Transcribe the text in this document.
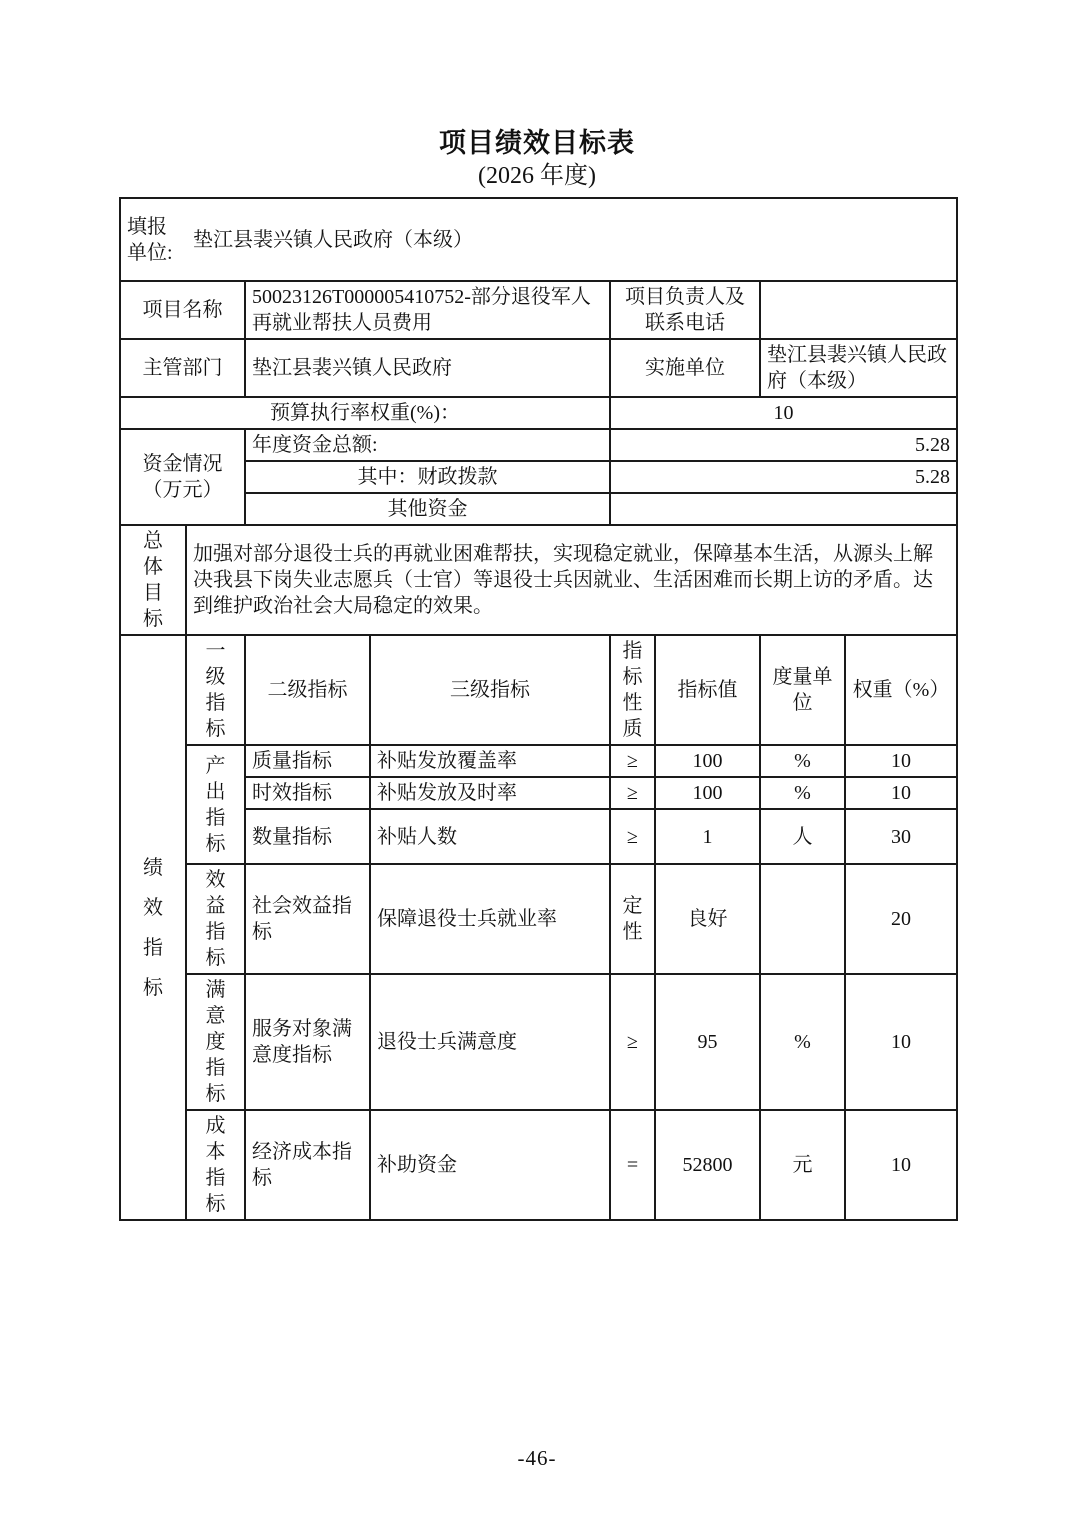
项目绩效目标表
(2026 年度)
填报单位:
垫江县裴兴镇人民政府（本级）							

项目名称		50023126T000005410752-部分退役军人再就业帮扶人员费用		项目负责人及联系电话			
主管部门		垫江县裴兴镇人民政府		实施单位		垫江县裴兴镇人民政府（本级）	
预算执行率权重(%)：				10			
资金情况（万元）		年度资金总额:		5.28			
		其中：财政拨款		5.28			
		其他资金					
总体目标	加强对部分退役士兵的再就业困难帮扶，实现稳定就业，保障基本生活，从源头上解决我县下岗失业志愿兵（士官）等退役士兵因就业、生活困难而长期上访的矛盾。达到维护政治社会大局稳定的效果。						
绩效指标	一级指标	二级指标	三级指标	指标性质	指标值	度量单位	权重（%）
	产出指标	质量指标	补贴发放覆盖率	≥	100	%	10
		时效指标	补贴发放及时率	≥	100	%	10
		数量指标	补贴人数	≥	1	人	30
	效益指标	社会效益指标	保障退役士兵就业率	定性	良好		20
	满意度指标	服务对象满意度指标	退役士兵满意度	≥	95	%	10
	成本指标	经济成本指标	补助资金	=	52800	元	10
-46-
